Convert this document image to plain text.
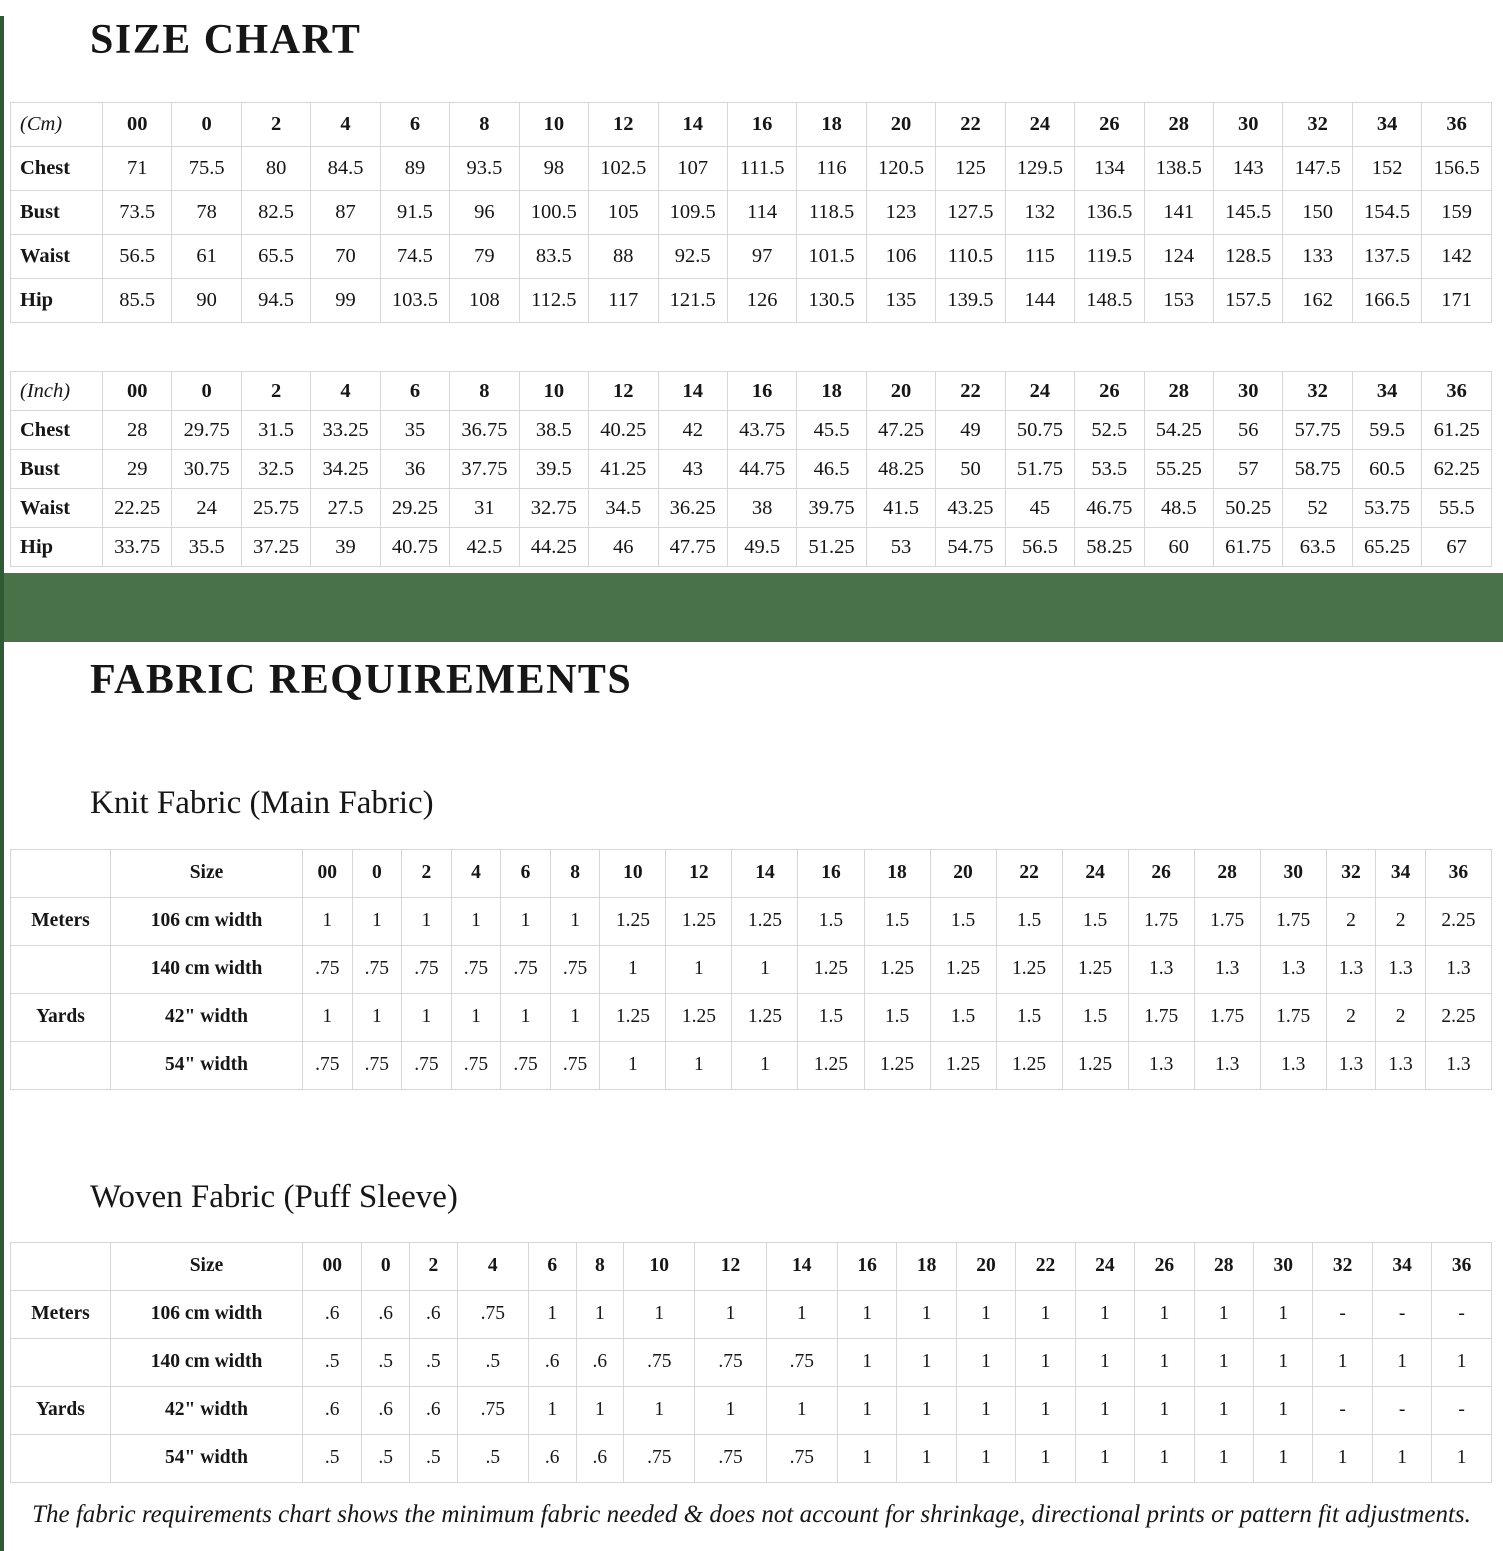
SIZE CHART
(Cm)	00	0	2	4	6	8	10	12	14	16	18	20	22	24	26	28	30	32	34	36
Chest	71	75.5	80	84.5	89	93.5	98	102.5	107	111.5	116	120.5	125	129.5	134	138.5	143	147.5	152	156.5
Bust	73.5	78	82.5	87	91.5	96	100.5	105	109.5	114	118.5	123	127.5	132	136.5	141	145.5	150	154.5	159
Waist	56.5	61	65.5	70	74.5	79	83.5	88	92.5	97	101.5	106	110.5	115	119.5	124	128.5	133	137.5	142
Hip	85.5	90	94.5	99	103.5	108	112.5	117	121.5	126	130.5	135	139.5	144	148.5	153	157.5	162	166.5	171
(Inch)	00	0	2	4	6	8	10	12	14	16	18	20	22	24	26	28	30	32	34	36
Chest	28	29.75	31.5	33.25	35	36.75	38.5	40.25	42	43.75	45.5	47.25	49	50.75	52.5	54.25	56	57.75	59.5	61.25
Bust	29	30.75	32.5	34.25	36	37.75	39.5	41.25	43	44.75	46.5	48.25	50	51.75	53.5	55.25	57	58.75	60.5	62.25
Waist	22.25	24	25.75	27.5	29.25	31	32.75	34.5	36.25	38	39.75	41.5	43.25	45	46.75	48.5	50.25	52	53.75	55.5
Hip	33.75	35.5	37.25	39	40.75	42.5	44.25	46	47.75	49.5	51.25	53	54.75	56.5	58.25	60	61.75	63.5	65.25	67
FABRIC REQUIREMENTS
Knit Fabric (Main Fabric)
	Size	00	0	2	4	6	8	10	12	14	16	18	20	22	24	26	28	30	32	34	36
Meters	106 cm width	1	1	1	1	1	1	1.25	1.25	1.25	1.5	1.5	1.5	1.5	1.5	1.75	1.75	1.75	2	2	2.25
	140 cm width	.75	.75	.75	.75	.75	.75	1	1	1	1.25	1.25	1.25	1.25	1.25	1.3	1.3	1.3	1.3	1.3	1.3
Yards	42" width	1	1	1	1	1	1	1.25	1.25	1.25	1.5	1.5	1.5	1.5	1.5	1.75	1.75	1.75	2	2	2.25
	54" width	.75	.75	.75	.75	.75	.75	1	1	1	1.25	1.25	1.25	1.25	1.25	1.3	1.3	1.3	1.3	1.3	1.3
Woven Fabric (Puff Sleeve)
	Size	00	0	2	4	6	8	10	12	14	16	18	20	22	24	26	28	30	32	34	36
Meters	106 cm width	.6	.6	.6	.75	1	1	1	1	1	1	1	1	1	1	1	1	1	-	-	-
	140 cm width	.5	.5	.5	.5	.6	.6	.75	.75	.75	1	1	1	1	1	1	1	1	1	1	1
Yards	42" width	.6	.6	.6	.75	1	1	1	1	1	1	1	1	1	1	1	1	1	-	-	-
	54" width	.5	.5	.5	.5	.6	.6	.75	.75	.75	1	1	1	1	1	1	1	1	1	1	1

The fabric requirements chart shows the minimum fabric needed & does not account for shrinkage, directional prints or pattern fit adjustments.
